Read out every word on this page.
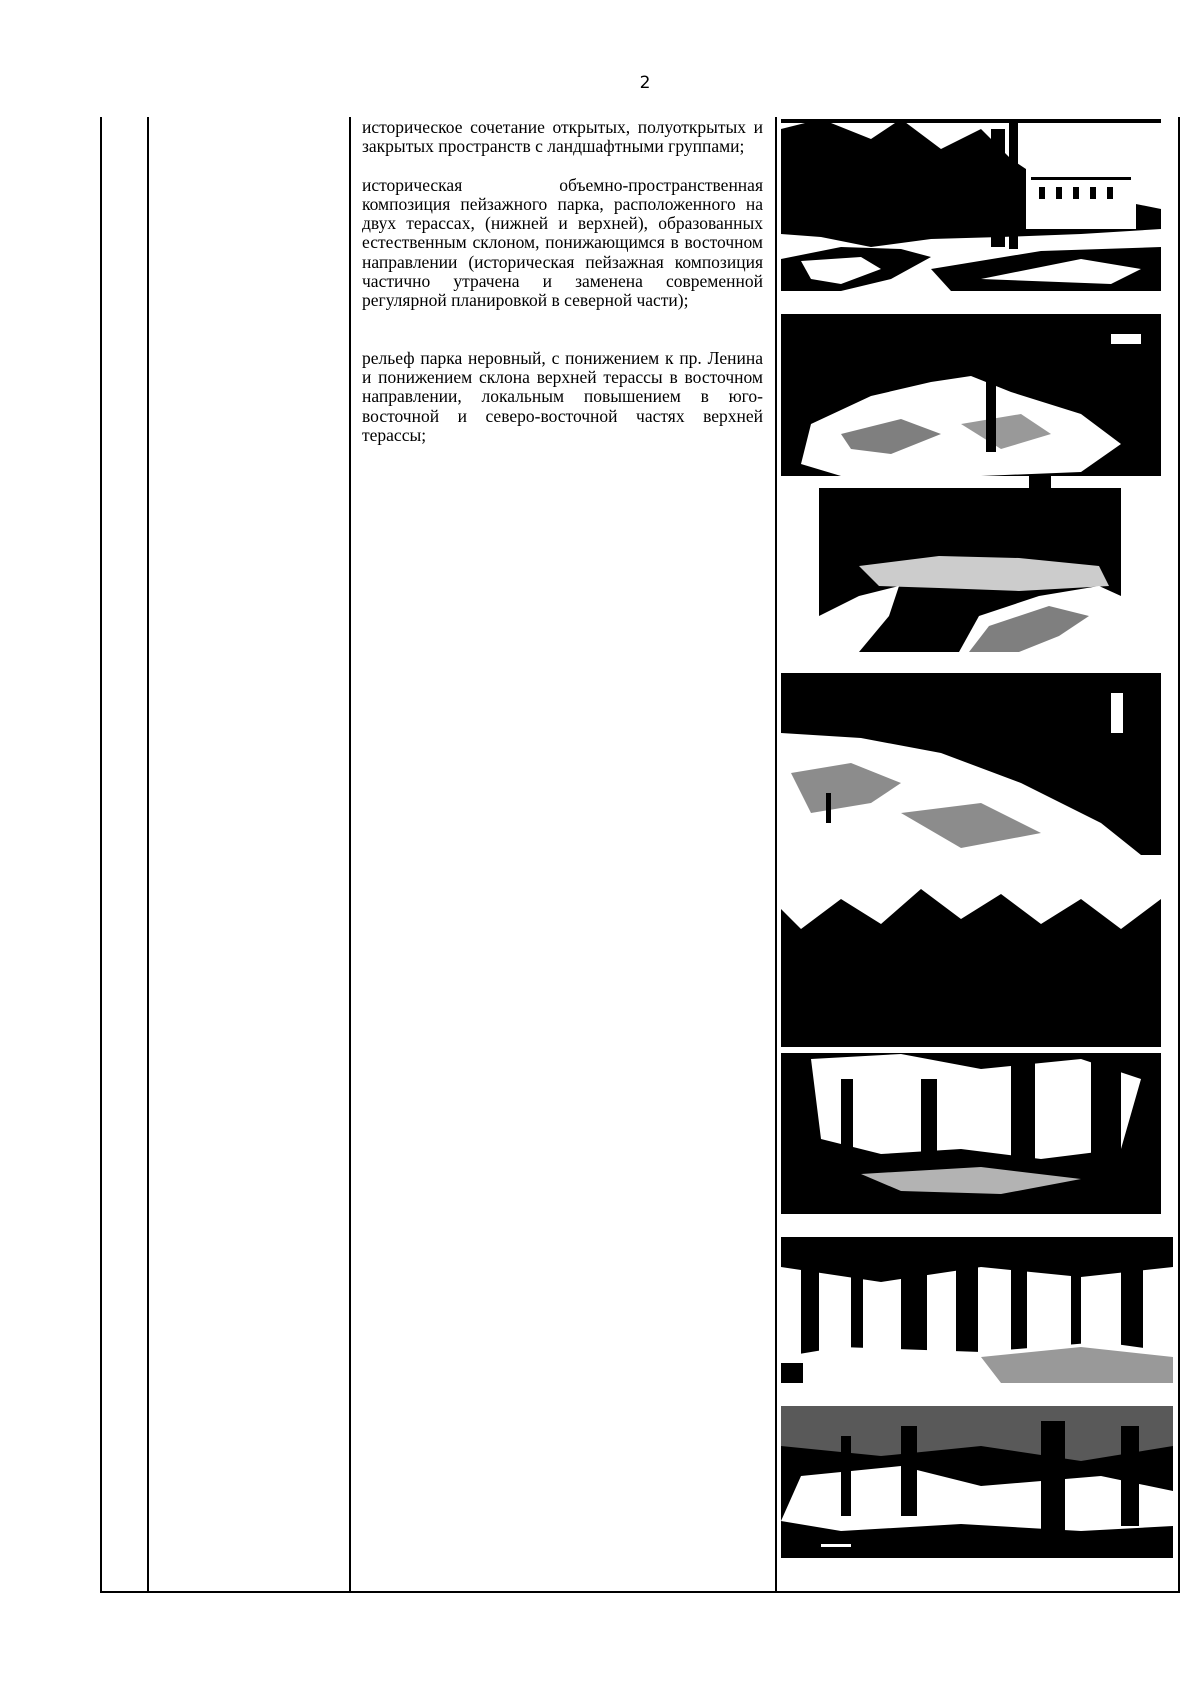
2

историческое сочетание открытых, полуоткрытых и закрытых пространств с ландшафтными группами;

историческая объемно-пространственная композиция пейзажного парка, расположенного на двух терассах, (нижней и верхней), образованных естественным склоном, понижающимся в восточном направлении (историческая пейзажная композиция частично утрачена и заменена современной регулярной планировкой в северной части);

рельеф парка неровный, с понижением к пр. Ленина и понижением склона верхней терассы в восточном направлении, локальным повышением в юго-восточной и северо-восточной частях верхней терассы;
